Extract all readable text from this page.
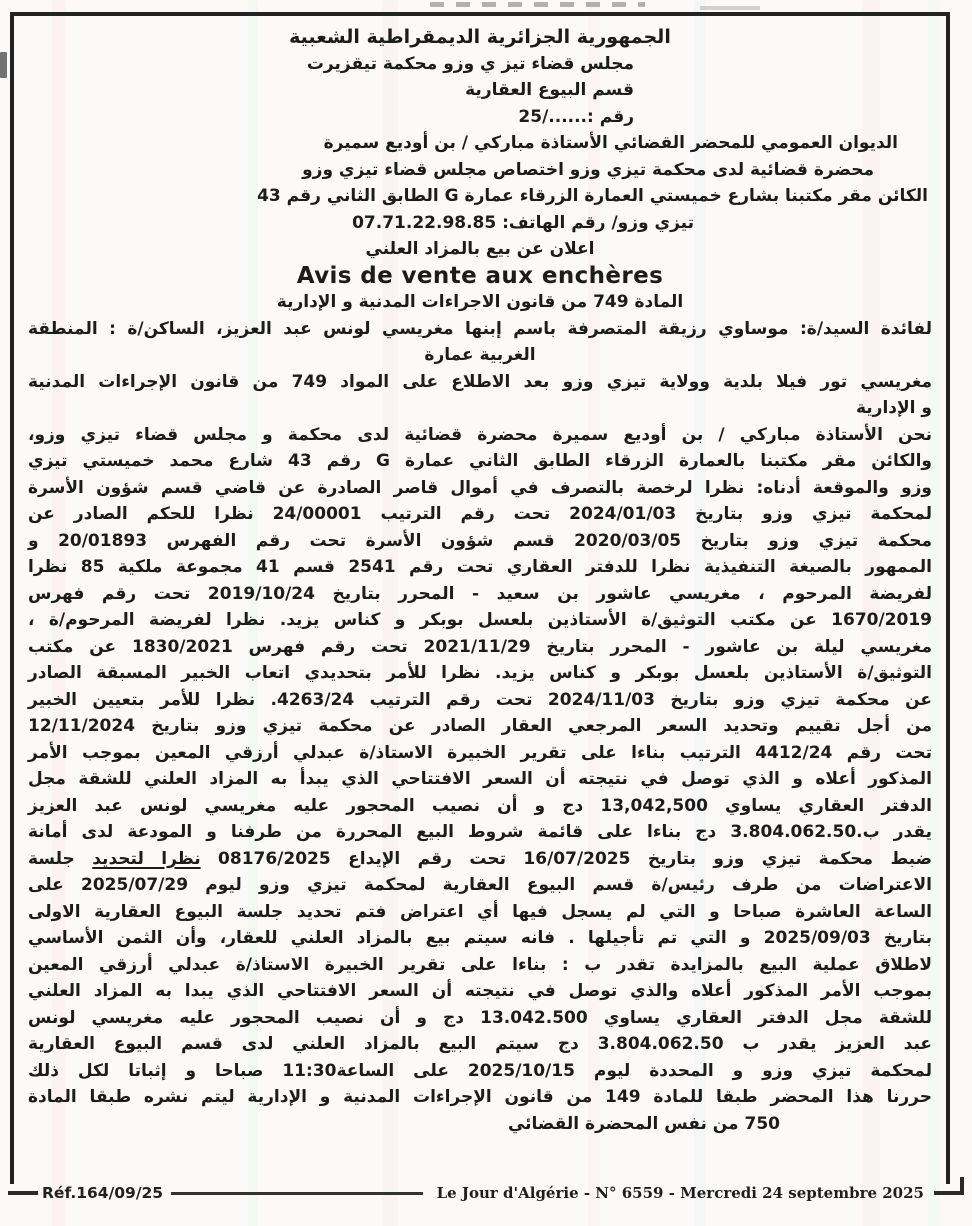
الجمهورية الجزائرية الديمقراطية الشعبية
مجلس قضاء تيز ي وزو محكمة تيقزيرت
قسم البيوع العقارية
رقم :....../25
الديوان العمومي للمحضر القضائي الأستاذة مباركي / بن أوديع سميرة
محضرة قضائية لدى محكمة تيزي وزو اختصاص مجلس قضاء تيزي وزو
الكائن مقر مكتبنا بشارع خميستي العمارة الزرقاء عمارة G الطابق الثاني رقم 43
تيزي وزو/ رقم الهاتف: 07.71.22.98.85
اعلان عن بيع بالمزاد العلني
Avis de vente aux enchères
المادة 749 من قانون الاجراءات المدنية و الإدارية
لفائدة السيد/ة: موساوي رزيقة المتصرفة باسم إبنها مغريسي لونس عبد العزيز، الساكن/ة : المنطقة
الغربية عمارة
مغريسي تور فيلا بلدية وولاية تيزي وزو بعد الاطلاع على المواد 749 من قانون الإجراءات المدنية
و الإدارية
نحن الأستاذة مباركي / بن أوديع سميرة محضرة قضائية لدى محكمة و مجلس قضاء تيزي وزو،
والكائن مقر مكتبنا بالعمارة الزرقاء الطابق الثاني عمارة G رقم 43 شارع محمد خميستي تيزي
وزو والموقعة أدناه: نظرا لرخصة بالتصرف في أموال قاصر الصادرة عن قاضي قسم شؤون الأسرة
لمحكمة تيزي وزو بتاريخ 2024/01/03 تحت رقم الترتيب 24/00001 نظرا للحكم الصادر عن
محكمة تيزي وزو بتاريخ 2020/03/05 قسم شؤون الأسرة تحت رقم الفهرس 20/01893 و
الممهور بالصيغة التنفيذية نظرا للدفتر العقاري تحت رقم 2541 قسم 41 مجموعة ملكية 85 نظرا
لفريضة المرحوم ، مغريسي عاشور بن سعيد - المحرر بتاريخ 2019/10/24 تحت رقم فهرس
1670/2019 عن مكتب التوثيق/ة الأستاذين بلعسل بوبكر و كناس يزيد. نظرا لفريضة المرحوم/ة ،
مغريسي ليلة بن عاشور - المحرر بتاريخ 2021/11/29 تحت رقم فهرس 1830/2021 عن مكتب
التوثيق/ة الأستاذين بلعسل بوبكر و كناس يزيد. نظرا للأمر بتحديدي اتعاب الخبير المسبقة الصادر
عن محكمة تيزي وزو بتاريخ 2024/11/03 تحت رقم الترتيب 4263/24. نظرا للأمر بتعيين الخبير
من أجل تقييم وتحديد السعر المرجعي العقار الصادر عن محكمة تيزي وزو بتاريخ 12/11/2024
تحت رقم 4412/24 الترتيب بناءا على تقرير الخبيرة الاستاذ/ة عبدلي أرزقي المعين بموجب الأمر
المذكور أعلاه و الذي توصل في نتيجته أن السعر الافتتاحي الذي يبدأ به المزاد العلني للشقة مجل
الدفتر العقاري يساوي 13,042,500 دج و أن نصيب المحجور عليه مغريسي لونس عبد العزيز
يقدر ب.3.804.062.50 دج بناءا على قائمة شروط البيع المحررة من طرفنا و المودعة لدى أمانة
ضبط محكمة تيزي وزو بتاريخ 16/07/2025 تحت رقم الإيداع 08176/2025 نظرا لتحديد جلسة
الاعتراضات من طرف رئيس/ة قسم البيوع العقارية لمحكمة تيزي وزو ليوم 2025/07/29 على
الساعة العاشرة صباحا و التي لم يسجل فيها أي اعتراض فتم تحديد جلسة البيوع العقارية الاولى
بتاريخ 2025/09/03 و التي تم تأجيلها . فانه سيتم بيع بالمزاد العلني للعقار، وأن الثمن الأساسي
لاطلاق عملية البيع بالمزايدة تقدر ب : بناءا على تقرير الخبيرة الاستاذ/ة عبدلي أرزقي المعين
بموجب الأمر المذكور أعلاه والذي توصل في نتيجته أن السعر الافتتاحي الذي يبدا به المزاد العلني
للشقة مجل الدفتر العقاري يساوي 13.042.500 دج و أن نصيب المحجور عليه مغريسي لونس
عبد العزيز يقدر ب 3.804.062.50 دج سيتم البيع بالمزاد العلني لدى قسم البيوع العقارية
لمحكمة تيزي وزو و المحددة ليوم 2025/10/15 على الساعة11:30 صباحا و إثباتا لكل ذلك
حررنا هذا المحضر طبقا للمادة 149 من قانون الإجراءات المدنية و الإدارية ليتم نشره طبقا المادة
750 من نفس المحضرة القضائي
Réf.164/09/25	Le Jour d'Algérie - N° 6559 - Mercredi 24 septembre 2025
